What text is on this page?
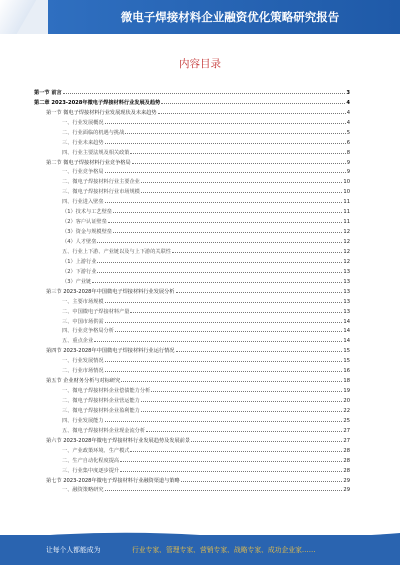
微电子焊接材料企业融资优化策略研究报告
内容目录
第一节 前言	3
第二章 2023-2028年微电子焊接材料行业发展及趋势	4
第一节 微电子焊接材料行业发展现状及未来趋势	4
一、行业发展概况	4
二、行业面临的机遇与挑战	5
三、行业未来趋势	6
四、行业主要法规及相关政策	8
第二节 微电子焊接材料行业竞争格局	9
一、行业竞争格局	9
二、微电子焊接材料行业主要企业	10
三、微电子焊接材料行业市场规模	10
四、行业进入壁垒	11
（1）技术与工艺壁垒	11
（2）客户认证壁垒	11
（3）资金与规模壁垒	12
（4）人才壁垒	12
五、行业上下游、产业链以及与上下游的关联性	12
（1）上游行业	12
（2）下游行业	13
（3）产业链	13
第三节 2023-2028年中国微电子焊接材料行业发展分析	13
一、主要市场规模	13
二、中国微电子焊接材料产量	13
三、中国市场供需	14
四、行业竞争格局分析	14
五、重点企业	14
第四节 2023-2028年中国微电子焊接材料行业运行情况	15
一、行业发展情况	15
二、行业市场情况	16
第五节 企业财务分析与对标研究	18
一、微电子焊接材料企业偿债能力分析	19
二、微电子焊接材料企业营运能力	20
三、微电子焊接材料企业盈利能力	22
四、行业发展能力	25
五、微电子焊接材料企业现金流分析	27
第六节 2023-2028年微电子焊接材料行业发展趋势及发展前景	27
一、产业政策环境、生产模式	28
二、生产自动化程度提高	28
三、行业集中度逐步提升	28
第七节 2023-2028年微电子焊接材料行业融资渠道与策略	29
一、融资策略研究	29
让每个人都能成为	行业专家、管理专家、营销专家、战略专家、成功企业家……
